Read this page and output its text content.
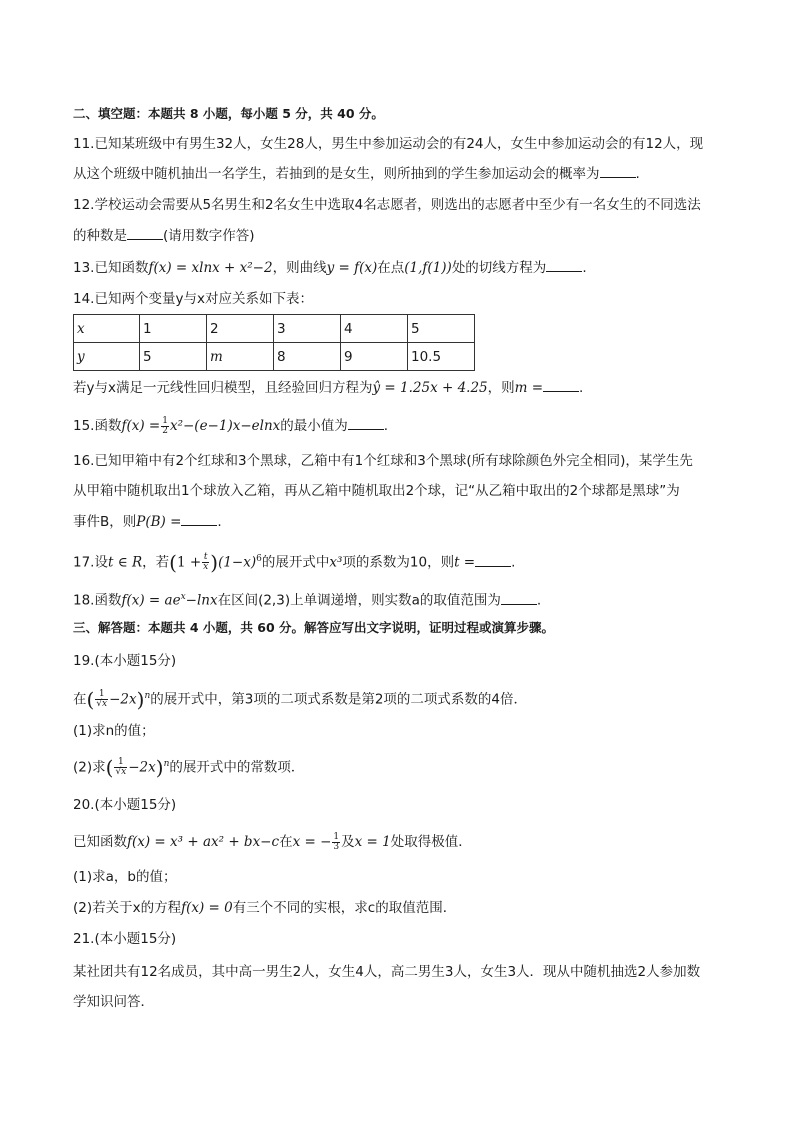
二、填空题：本题共 8 小题，每小题 5 分，共 40 分。
11.已知某班级中有男生32人，女生28人，男生中参加运动会的有24人，女生中参加运动会的有12人，现
从这个班级中随机抽出一名学生，若抽到的是女生，则所抽到的学生参加运动会的概率为	.
12.学校运动会需要从5名男生和2名女生中选取4名志愿者，则选出的志愿者中至少有一名女生的不同选法
的种数是	(请用数字作答)
13.已知函数f(x) = xlnx + x²−2，则曲线y = f(x)在点(1,f(1))处的切线方程为	.
14.已知两个变量y与x对应关系如下表：
x	1	2	3	4	5
y	5	m	8	9	10.5
若y与x满足一元线性回归模型，且经验回归方程为ŷ = 1.25x + 4.25，则m =	.
15.函数$f(x) = \frac{1}{2} x^2-(e-1)x-elnx$的最小值为	.
16.已知甲箱中有2个红球和3个黑球，乙箱中有1个红球和3个黑球(所有球除颜色外完全相同)，某学生先
从甲箱中随机取出1个球放入乙箱，再从乙箱中随机取出2个球，记“从乙箱中取出的2个球都是黑球”为
事件B，则P(B) =	.
17.设t ∈ R，若$(1 + \frac{t}{x} )(1-x)^6$的展开式中x³项的系数为10，则t =	.
18.函数$f(x) = ae^x-\ln x$在区间(2,3)上单调递增，则实数a的取值范围为	.
三、解答题：本题共 4 小题，共 60 分。解答应写出文字说明，证明过程或演算步骤。
19.(本小题15分)
在( $\frac{1}{√x} -2x)^n$的展开式中，第3项的二项式系数是第2项的二项式系数的4倍．
(1)求n的值；
(2)求( $\frac{1}{√x} -2x)^n$的展开式中的常数项．
20.(本小题15分)
已知函数f(x) = x³ + ax² + bx−c在x = − $\frac{1}{3}$ 及x = 1处取得极值．
(1)求a，b的值；
(2)若关于x的方程f(x) = 0有三个不同的实根，求c的取值范围．
21.(本小题15分)
某社团共有12名成员，其中高一男生2人，女生4人，高二男生3人，女生3人．现从中随机抽选2人参加数
学知识问答．
